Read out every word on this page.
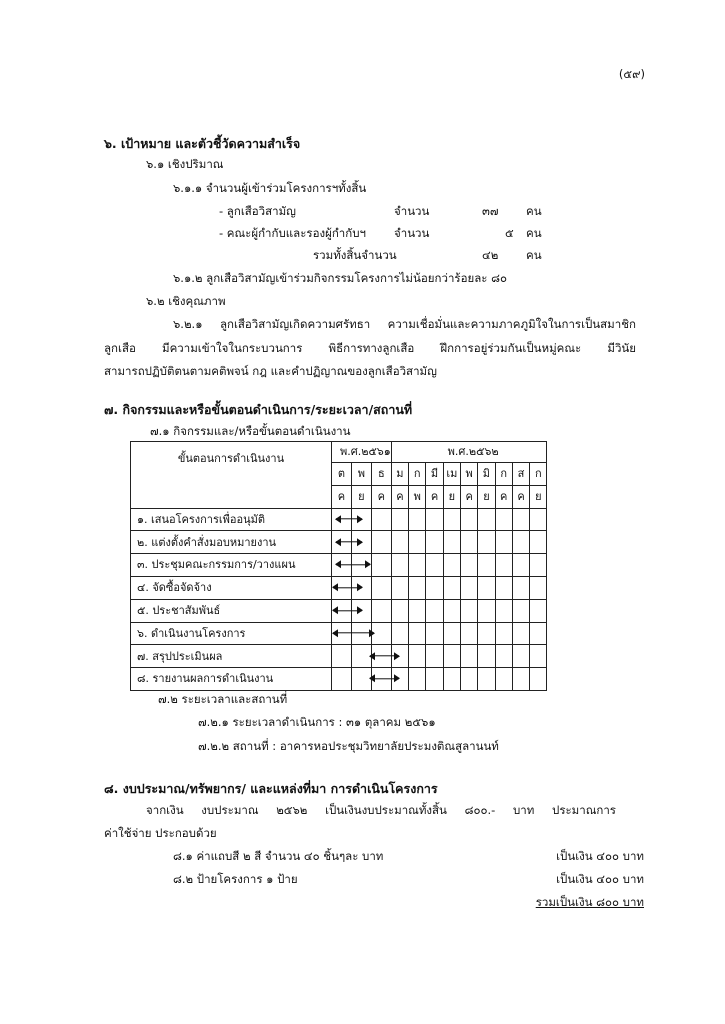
(๕๙)
๖. เป้าหมาย และตัวชี้วัดความสำเร็จ
๖.๑ เชิงปริมาณ
๖.๑.๑ จำนวนผู้เข้าร่วมโครงการฯทั้งสิ้น
- ลูกเสือวิสามัญ	จำนวน	๓๗ คน
- คณะผู้กำกับและรองผู้กำกับฯ จำนวน	๕ คน
รวมทั้งสิ้นจำนวน	๔๒ คน
๖.๑.๒ ลูกเสือวิสามัญเข้าร่วมกิจกรรมโครงการไม่น้อยกว่าร้อยละ ๘๐
๖.๒ เชิงคุณภาพ
๖.๒.๑ ลูกเสือวิสามัญเกิดความศรัทธา ความเชื่อมั่นและความภาคภูมิใจในการเป็นสมาชิก
ลูกเสือ มีความเข้าใจในกระบวนการ พิธีการทางลูกเสือ ฝึกการอยู่ร่วมกันเป็นหมู่คณะ มีวินัย
สามารถปฏิบัติตนตามคติพจน์ กฎ และคำปฏิญาณของลูกเสือวิสามัญ
๗. กิจกรรมและหรือขั้นตอนดำเนินการ/ระยะเวลา/สถานที่
๗.๑ กิจกรรมและ/หรือขั้นตอนดำเนินงาน
ขั้นตอนการดำเนินงาน	พ.ศ.๒๕๖๑			พ.ศ.๒๕๖๒								
	ต	พ	ธ	ม	ก	มี	เม	พ	มิ	ก	ส	ก
	ค	ย	ค	ค	พ	ค	ย	ค	ย	ค	ค	ย
๑. เสนอโครงการเพื่ออนุมัติ	

๒. แต่งตั้งคำสั่งมอบหมายงาน	

๓. ประชุมคณะกรรมการ/วางแผน	

๔. จัดซื้อจัดจ้าง	

๕. ประชาสัมพันธ์	

๖. ดำเนินงานโครงการ	

๗. สรุปประเมินผล	

๘. รายงานผลการดำเนินงาน	

๗.๒ ระยะเวลาและสถานที่
๗.๒.๑ ระยะเวลาดำเนินการ : ๓๑ ตุลาคม ๒๕๖๑
๗.๒.๒ สถานที่ : อาคารหอประชุมวิทยาลัยประมงติณสูลานนท์
๘. งบประมาณ/ทรัพยากร/ และแหล่งที่มา การดำเนินโครงการ
จากเงิน งบประมาณ ๒๕๖๒ เป็นเงินงบประมาณทั้งสิ้น ๘๐๐.- บาท ประมาณการ
ค่าใช้จ่าย ประกอบด้วย
๘.๑ ค่าแถบสี ๒ สี จำนวน ๔๐ ชิ้นๆละ บาท	เป็นเงิน ๔๐๐ บาท
๘.๒ ป้ายโครงการ ๑ ป้าย	เป็นเงิน ๔๐๐ บาท
รวมเป็นเงิน ๘๐๐ บาท
